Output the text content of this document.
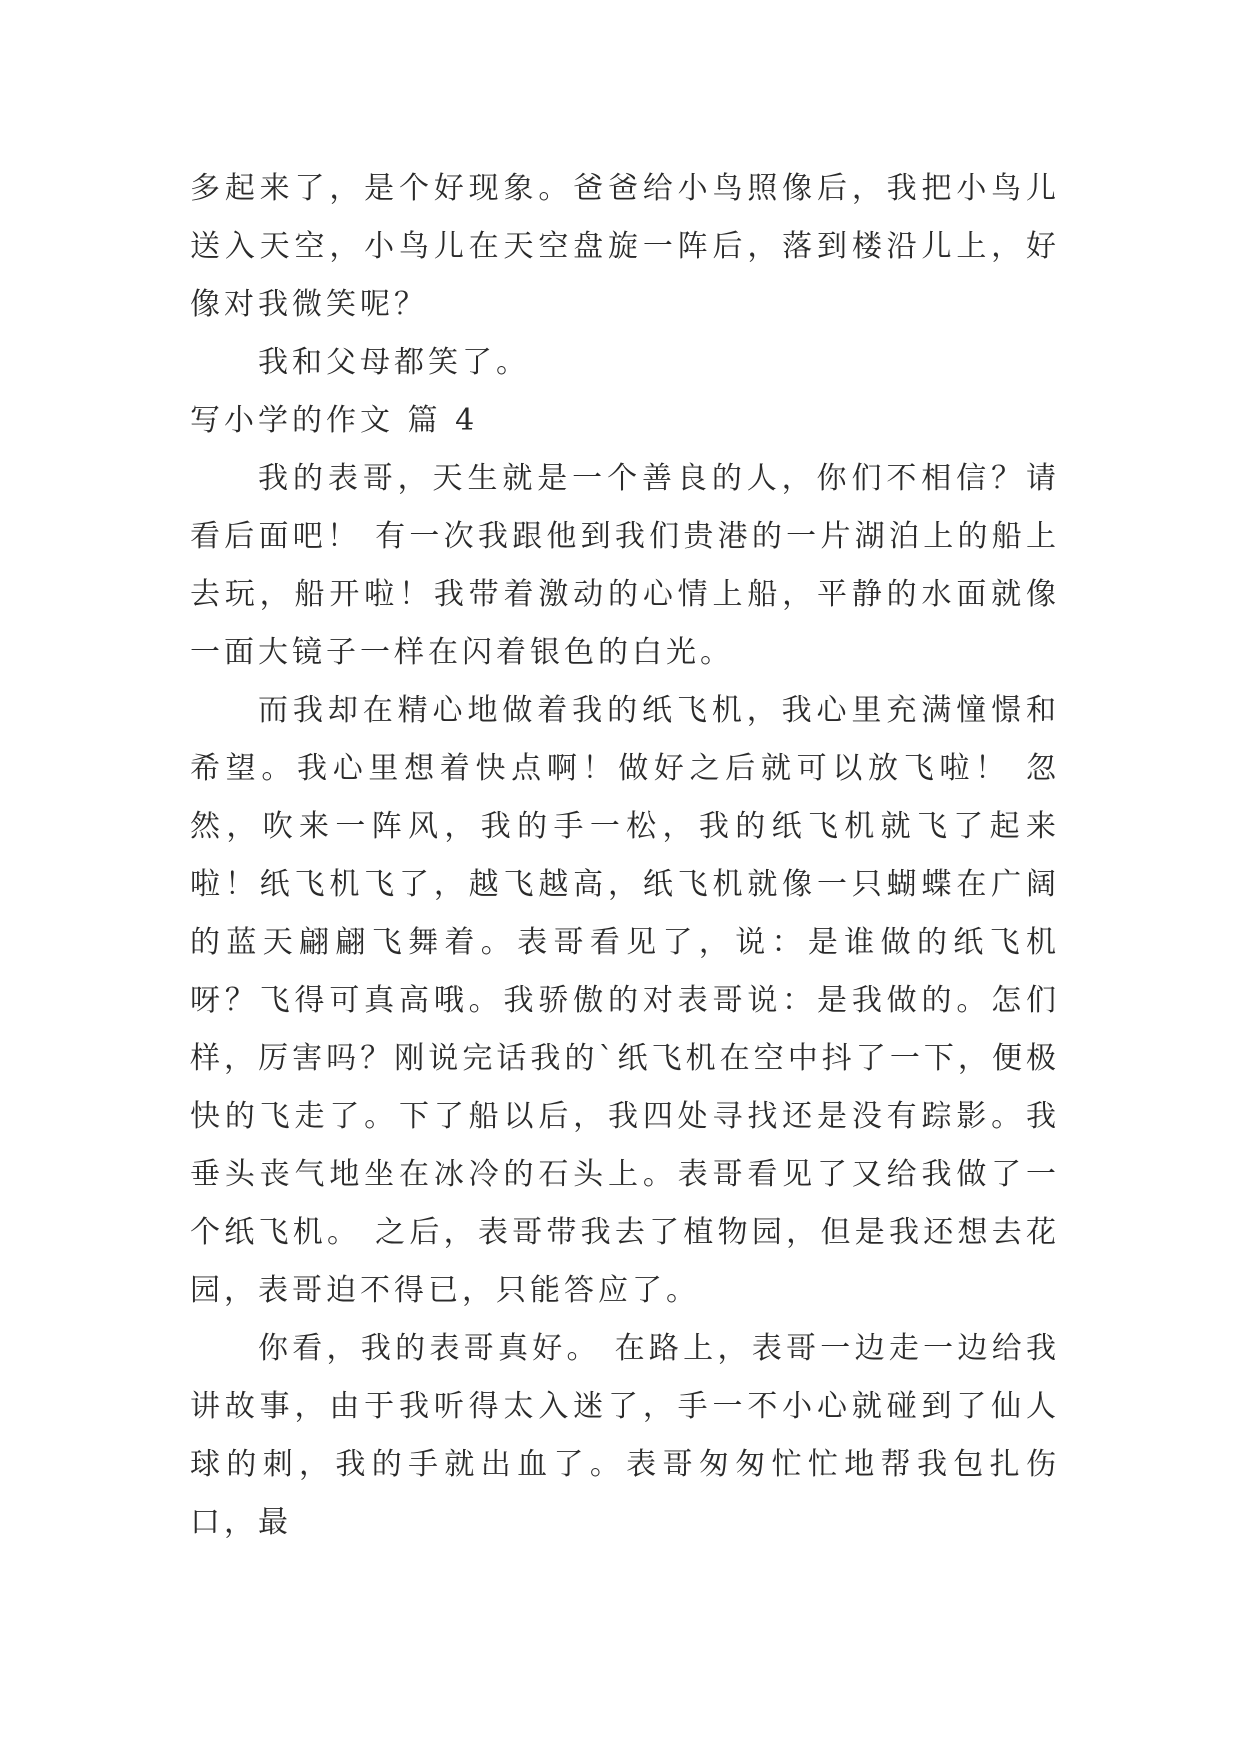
多起来了，是个好现象。爸爸给小鸟照像后，我把小鸟儿送入天空，小鸟儿在天空盘旋一阵后，落到楼沿儿上，好像对我微笑呢？

我和父母都笑了。

写小学的作文 篇 4

我的表哥，天生就是一个善良的人，你们不相信？请看后面吧！ 有一次我跟他到我们贵港的一片湖泊上的船上去玩，船开啦！我带着激动的心情上船，平静的水面就像一面大镜子一样在闪着银色的白光。

而我却在精心地做着我的纸飞机，我心里充满憧憬和希望。我心里想着快点啊！做好之后就可以放飞啦！ 忽然，吹来一阵风，我的手一松，我的纸飞机就飞了起来啦！纸飞机飞了，越飞越高，纸飞机就像一只蝴蝶在广阔的蓝天翩翩飞舞着。表哥看见了，说：是谁做的纸飞机呀？飞得可真高哦。我骄傲的对表哥说：是我做的。怎们样，厉害吗？刚说完话我的`纸飞机在空中抖了一下，便极快的飞走了。下了船以后，我四处寻找还是没有踪影。我垂头丧气地坐在冰冷的石头上。表哥看见了又给我做了一个纸飞机。 之后，表哥带我去了植物园，但是我还想去花园，表哥迫不得已，只能答应了。

你看，我的表哥真好。 在路上，表哥一边走一边给我讲故事，由于我听得太入迷了，手一不小心就碰到了仙人球的刺，我的手就出血了。表哥匆匆忙忙地帮我包扎伤口，最
